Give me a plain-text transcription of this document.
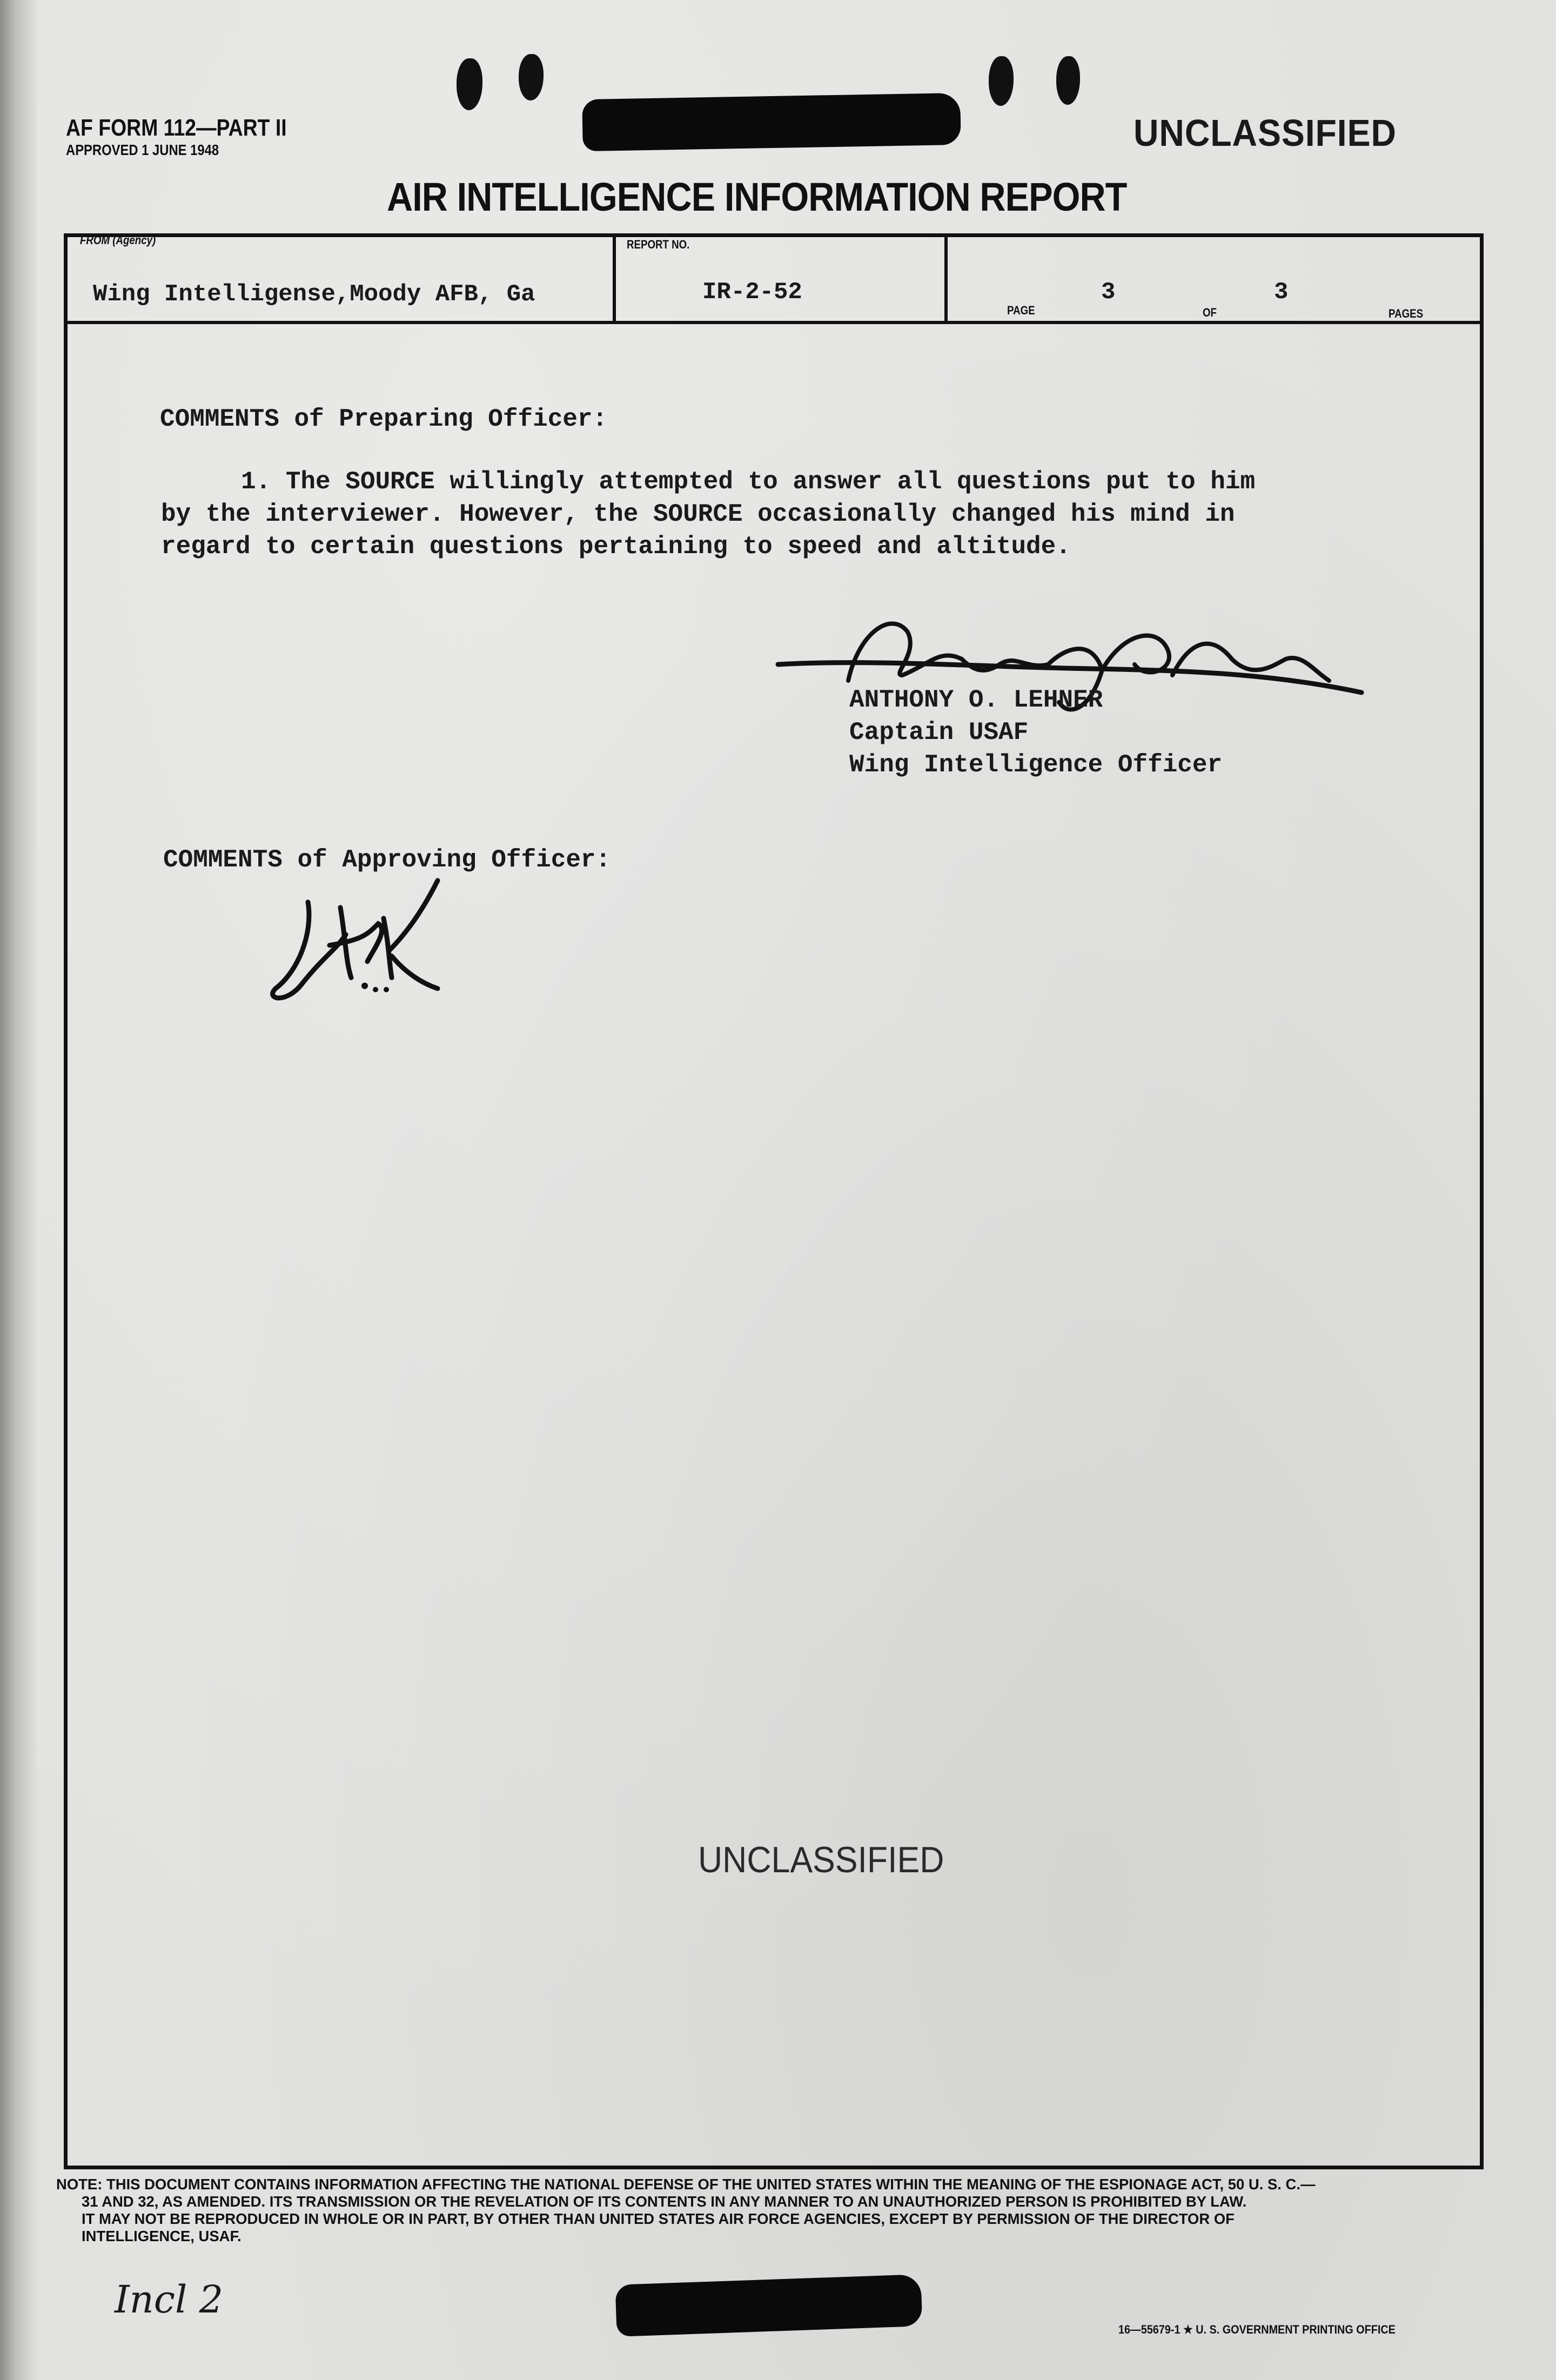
AF FORM 112—PART II
APPROVED 1 JUNE 1948	UNCLASSIFIED
AIR INTELLIGENCE INFORMATION REPORT
FROM (Agency)
Wing Intelligense,Moody AFB, Ga
REPORT NO.
IR-2-52
PAGE
3
OF
3
PAGES
COMMENTS of Preparing Officer:
1. The SOURCE willingly attempted to answer all questions put to him
by the interviewer. However, the SOURCE occasionally changed his mind in
regard to certain questions pertaining to speed and altitude.
ANTHONY O. LEHNER
Captain USAF
Wing Intelligence Officer
COMMENTS of Approving Officer:
UNCLASSIFIED
NOTE: THIS DOCUMENT CONTAINS INFORMATION AFFECTING THE NATIONAL DEFENSE OF THE UNITED STATES WITHIN THE MEANING OF THE ESPIONAGE ACT, 50 U. S. C.—
31 AND 32, AS AMENDED. ITS TRANSMISSION OR THE REVELATION OF ITS CONTENTS IN ANY MANNER TO AN UNAUTHORIZED PERSON IS PROHIBITED BY LAW.
IT MAY NOT BE REPRODUCED IN WHOLE OR IN PART, BY OTHER THAN UNITED STATES AIR FORCE AGENCIES, EXCEPT BY PERMISSION OF THE DIRECTOR OF
INTELLIGENCE, USAF.
Incl 2
16—55679-1 ★ U. S. GOVERNMENT PRINTING OFFICE
